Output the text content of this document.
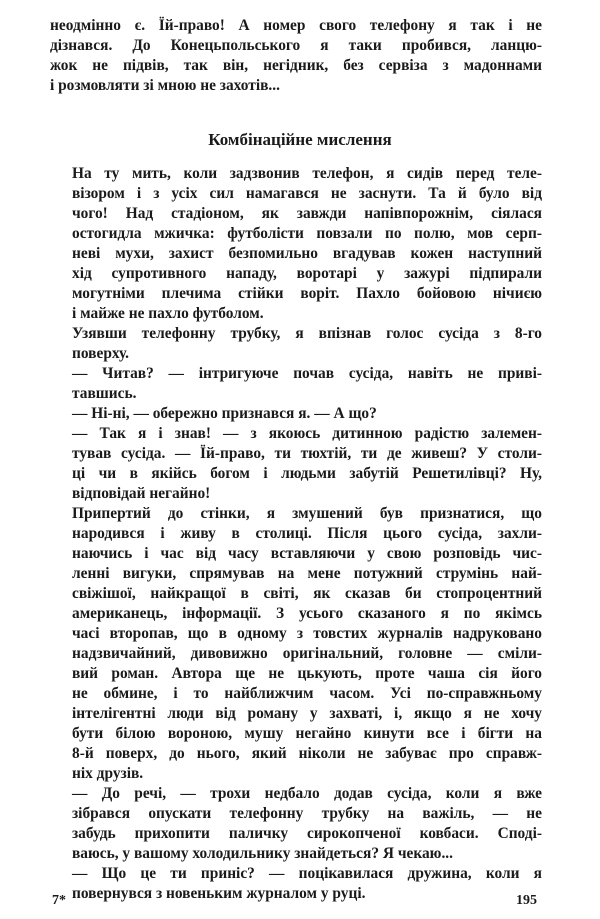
неодмінно є. Їй-право! А номер свого телефону я так і не
дізнався. До Конецьпольського я таки пробився, ланцю-
жок не підвів, так він, негідник, без сервіза з мадоннами
і розмовляти зі мною не захотів...

Комбінаційне мислення

На ту мить, коли задзвонив телефон, я сидів перед теле-
візором і з усіх сил намагався не заснути. Та й було від
чого! Над стадіоном, як завжди напівпорожнім, сіялася
остогидла мжичка: футболісти повзали по полю, мов серп-
неві мухи, захист безпомильно вгадував кожен наступний
хід супротивного нападу, воротарі у зажурі підпирали
могутніми плечима стійки воріт. Пахло бойовою нічиєю
і майже не пахло футболом.

Узявши телефонну трубку, я впізнав голос сусіда з 8-го
поверху.

— Читав? — інтригуюче почав сусіда, навіть не приві-
тавшись.

— Ні-ні, — обережно признався я. — А що?

— Так я і знав! — з якоюсь дитинною радістю залемен-
тував сусіда. — Їй-право, ти тюхтій, ти де живеш? У столи-
ці чи в якійсь богом і людьми забутій Решетилівці? Ну,
відповідай негайно!

Припертий до стінки, я змушений був признатися, що
народився і живу в столиці. Після цього сусіда, захли-
наючись і час від часу вставляючи у свою розповідь чис-
ленні вигуки, спрямував на мене потужний струмінь най-
свіжішої, найкращої в світі, як сказав би стопроцентний
американець, інформації. З усього сказаного я по якімсь
часі второпав, що в одному з товстих журналів надруковано
надзвичайний, дивовижно оригінальний, головне — сміли-
вий роман. Автора ще не цькують, проте чаша сія його
не обмине, і то найближчим часом. Усі по-справжньому
інтелігентні люди від роману у захваті, і, якщо я не хочу
бути білою вороною, мушу негайно кинути все і бігти на
8-й поверх, до нього, який ніколи не забуває про справж-
ніх друзів.

— До речі, — трохи недбало додав сусіда, коли я вже
зібрався опускати телефонну трубку на важіль, — не
забудь прихопити паличку сирокопченої ковбаси. Сподi-
ваюсь, у вашому холодильнику знайдеться? Я чекаю...

— Що це ти приніс? — поцікавилася дружина, коли я
повернувся з новеньким журналом у руці.

7*	195
